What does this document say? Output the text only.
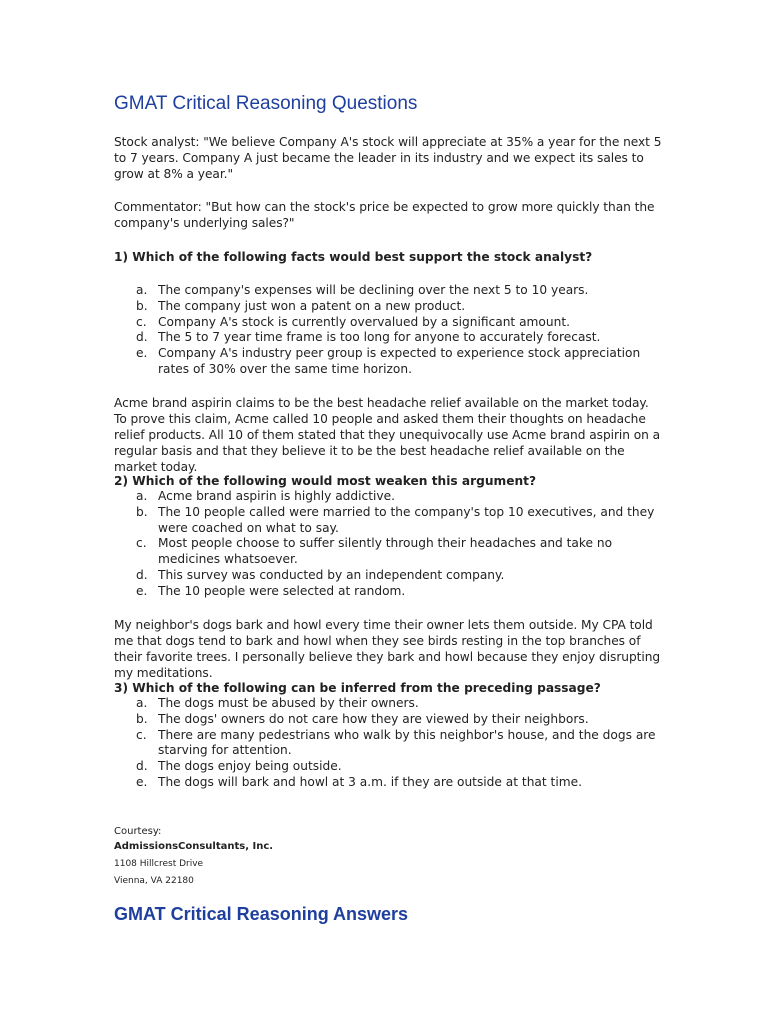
GMAT Critical Reasoning Questions

Stock analyst: "We believe Company A's stock will appreciate at 35% a year for the next 5 to 7 years. Company A just became the leader in its industry and we expect its sales to grow at 8% a year."

Commentator: "But how can the stock's price be expected to grow more quickly than the company's underlying sales?"

1) Which of the following facts would best support the stock analyst?

a. The company's expenses will be declining over the next 5 to 10 years.
b. The company just won a patent on a new product.
c. Company A's stock is currently overvalued by a significant amount.
d. The 5 to 7 year time frame is too long for anyone to accurately forecast.
e. Company A's industry peer group is expected to experience stock appreciation rates of 30% over the same time horizon.

Acme brand aspirin claims to be the best headache relief available on the market today. To prove this claim, Acme called 10 people and asked them their thoughts on headache relief products. All 10 of them stated that they unequivocally use Acme brand aspirin on a regular basis and that they believe it to be the best headache relief available on the market today.

2) Which of the following would most weaken this argument?

a. Acme brand aspirin is highly addictive.
b. The 10 people called were married to the company's top 10 executives, and they were coached on what to say.
c. Most people choose to suffer silently through their headaches and take no medicines whatsoever.
d. This survey was conducted by an independent company.
e. The 10 people were selected at random.

My neighbor's dogs bark and howl every time their owner lets them outside. My CPA told me that dogs tend to bark and howl when they see birds resting in the top branches of their favorite trees. I personally believe they bark and howl because they enjoy disrupting my meditations.

3) Which of the following can be inferred from the preceding passage?

a. The dogs must be abused by their owners.
b. The dogs' owners do not care how they are viewed by their neighbors.
c. There are many pedestrians who walk by this neighbor's house, and the dogs are starving for attention.
d. The dogs enjoy being outside.
e. The dogs will bark and howl at 3 a.m. if they are outside at that time.

Courtesy:

AdmissionsConsultants, Inc.

1108 Hillcrest Drive

Vienna, VA 22180

GMAT Critical Reasoning Answers
